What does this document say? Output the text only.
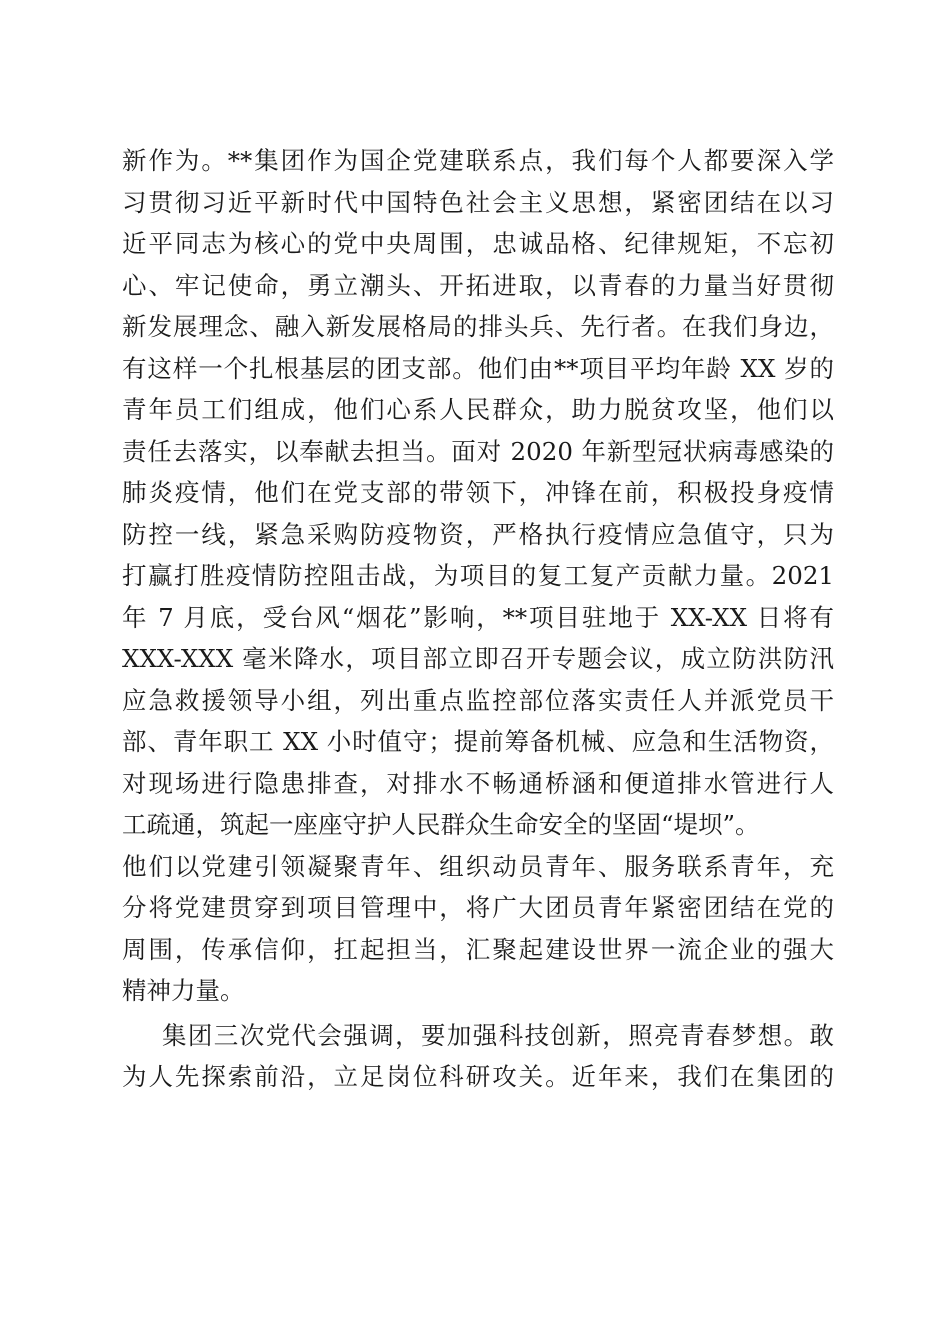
新作为。**集团作为国企党建联系点，我们每个人都要深入学
习贯彻习近平新时代中国特色社会主义思想，紧密团结在以习
近平同志为核心的党中央周围，忠诚品格、纪律规矩，不忘初
心、牢记使命，勇立潮头、开拓进取，以青春的力量当好贯彻
新发展理念、融入新发展格局的排头兵、先行者。在我们身边，
有这样一个扎根基层的团支部。他们由**项目平均年龄 XX 岁的
青年员工们组成，他们心系人民群众，助力脱贫攻坚，他们以
责任去落实，以奉献去担当。面对 2020 年新型冠状病毒感染的
肺炎疫情，他们在党支部的带领下，冲锋在前，积极投身疫情
防控一线，紧急采购防疫物资，严格执行疫情应急值守，只为
打赢打胜疫情防控阻击战，为项目的复工复产贡献力量。2021
年 7 月底，受台风“烟花”影响，**项目驻地于 XX-XX 日将有
XXX-XXX 毫米降水，项目部立即召开专题会议，成立防洪防汛
应急救援领导小组，列出重点监控部位落实责任人并派党员干
部、青年职工 XX 小时值守；提前筹备机械、应急和生活物资，
对现场进行隐患排查，对排水不畅通桥涵和便道排水管进行人
工疏通，筑起一座座守护人民群众生命安全的坚固“堤坝”。
他们以党建引领凝聚青年、组织动员青年、服务联系青年，充
分将党建贯穿到项目管理中，将广大团员青年紧密团结在党的
周围，传承信仰，扛起担当，汇聚起建设世界一流企业的强大
精神力量。
集团三次党代会强调，要加强科技创新，照亮青春梦想。敢
为人先探索前沿，立足岗位科研攻关。近年来，我们在集团的
